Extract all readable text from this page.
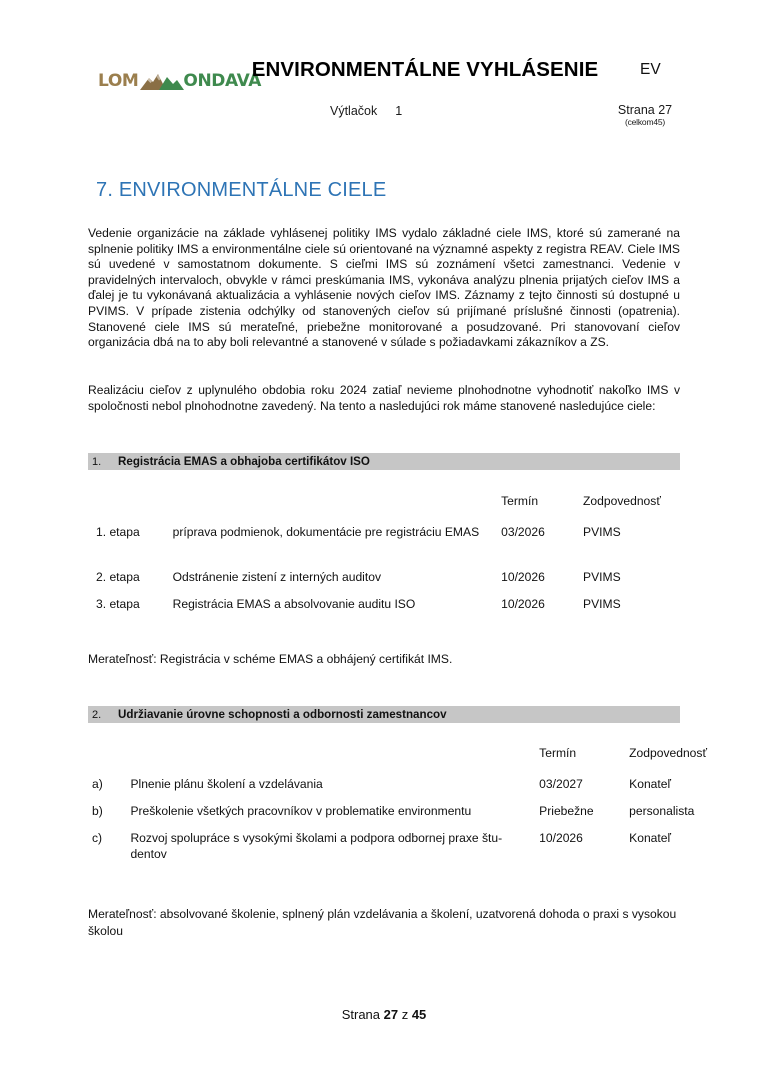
LOM	ONDAVA
ENVIRONMENTÁLNE VYHLÁSENIE	EV
Výtlačok 1	Strana 27
(celkom45)
7. ENVIRONMENTÁLNE CIELE

Vedenie organizácie na základe vyhlásenej politiky IMS vydalo základné ciele IMS, ktoré sú zamerané na splnenie politiky IMS a environmentálne ciele sú orientované na významné aspekty z registra REAV. Ciele IMS sú uvedené v samostatnom dokumente. S cieľmi IMS sú zoznámení všetci zamestnanci. Vedenie v pravidelných intervaloch, obvykle v rámci preskúmania IMS, vykonáva analýzu plnenia prijatých cieľov IMS a ďalej je tu vykonávaná aktualizácia a vyhlásenie nových cieľov IMS. Záznamy z tejto činnosti sú dostupné u PVIMS. V prípade zistenia odchýlky od stanovených cieľov sú prijímané príslušné činnosti (opatrenia). Stanovené ciele IMS sú merateľné, priebežne monitorované a posudzované. Pri stanovovaní cieľov organizácia dbá na to aby boli relevantné a stanovené v súlade s požiadavkami zákazníkov a ZS.

Realizáciu cieľov z uplynulého obdobia roku 2024 zatiaľ nevieme plnohodnotne vyhodnotiť nakoľko IMS v spoločnosti nebol plnohodnotne zavedený. Na tento a nasledujúci rok máme stanovené nasledujúce ciele:

1.	Registrácia EMAS a obhajoba certifikátov ISO
		Termín	Zodpovednosť
1. etapa	príprava podmienok, dokumentácie pre registráciu EMAS	03/2026	PVIMS
2. etapa	Odstránenie zistení z interných auditov	10/2026	PVIMS
3. etapa	Registrácia EMAS a absolvovanie auditu ISO	10/2026	PVIMS
Merateľnosť: Registrácia v schéme EMAS a obhájený certifikát IMS.
2.	Udržiavanie úrovne schopnosti a odbornosti zamestnancov
		Termín	Zodpovednosť
a)	Plnenie plánu školení a vzdelávania	03/2027	Konateľ
b)	Preškolenie všetkých pracovníkov v problematike environmentu	Priebežne	personalista
c)	Rozvoj spolupráce s vysokými školami a podpora odbornej praxe štu-dentov	10/2026	Konateľ
Merateľnosť: absolvované školenie, splnený plán vzdelávania a školení, uzatvorená dohoda o praxi s vysokou školou
Strana 27 z 45
